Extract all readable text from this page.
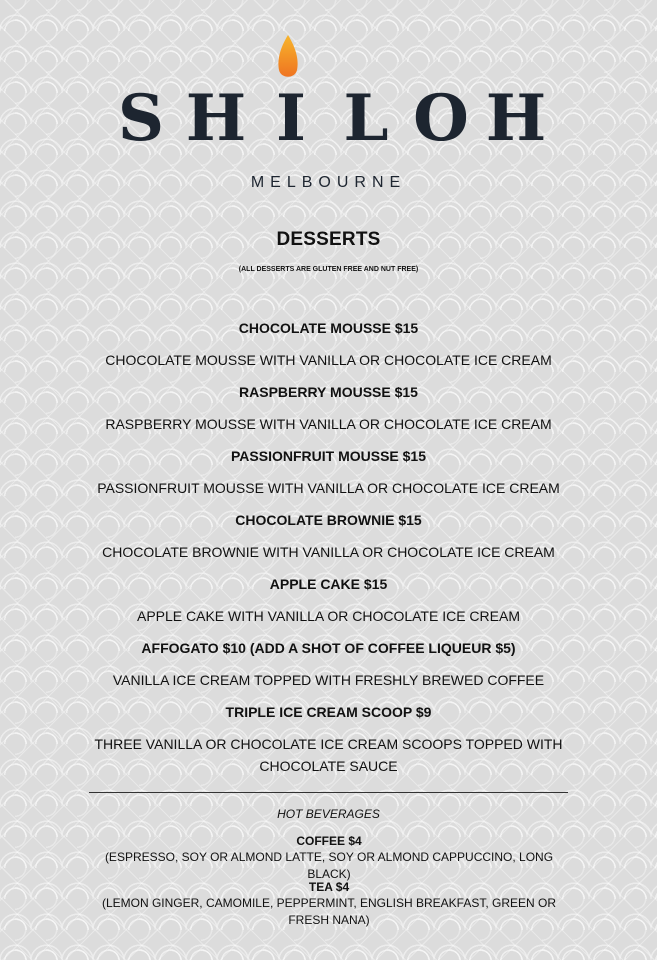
S H I L O H
MELBOURNE
DESSERTS
(ALL DESSERTS ARE GLUTEN FREE AND NUT FREE)
CHOCOLATE MOUSSE $15
CHOCOLATE MOUSSE WITH VANILLA OR CHOCOLATE ICE CREAM
RASPBERRY MOUSSE $15
RASPBERRY MOUSSE WITH VANILLA OR CHOCOLATE ICE CREAM
PASSIONFRUIT MOUSSE $15
PASSIONFRUIT MOUSSE WITH VANILLA OR CHOCOLATE ICE CREAM
CHOCOLATE BROWNIE $15
CHOCOLATE BROWNIE WITH VANILLA OR CHOCOLATE ICE CREAM
APPLE CAKE $15
APPLE CAKE WITH VANILLA OR CHOCOLATE ICE CREAM
AFFOGATO $10 (ADD A SHOT OF COFFEE LIQUEUR $5)
VANILLA ICE CREAM TOPPED WITH FRESHLY BREWED COFFEE
TRIPLE ICE CREAM SCOOP $9
THREE VANILLA OR CHOCOLATE ICE CREAM SCOOPS TOPPED WITH CHOCOLATE SAUCE
HOT BEVERAGES
COFFEE $4
(ESPRESSO, SOY OR ALMOND LATTE, SOY OR ALMOND CAPPUCCINO, LONG BLACK)
TEA $4
(LEMON GINGER, CAMOMILE, PEPPERMINT, ENGLISH BREAKFAST, GREEN OR FRESH NANA)
